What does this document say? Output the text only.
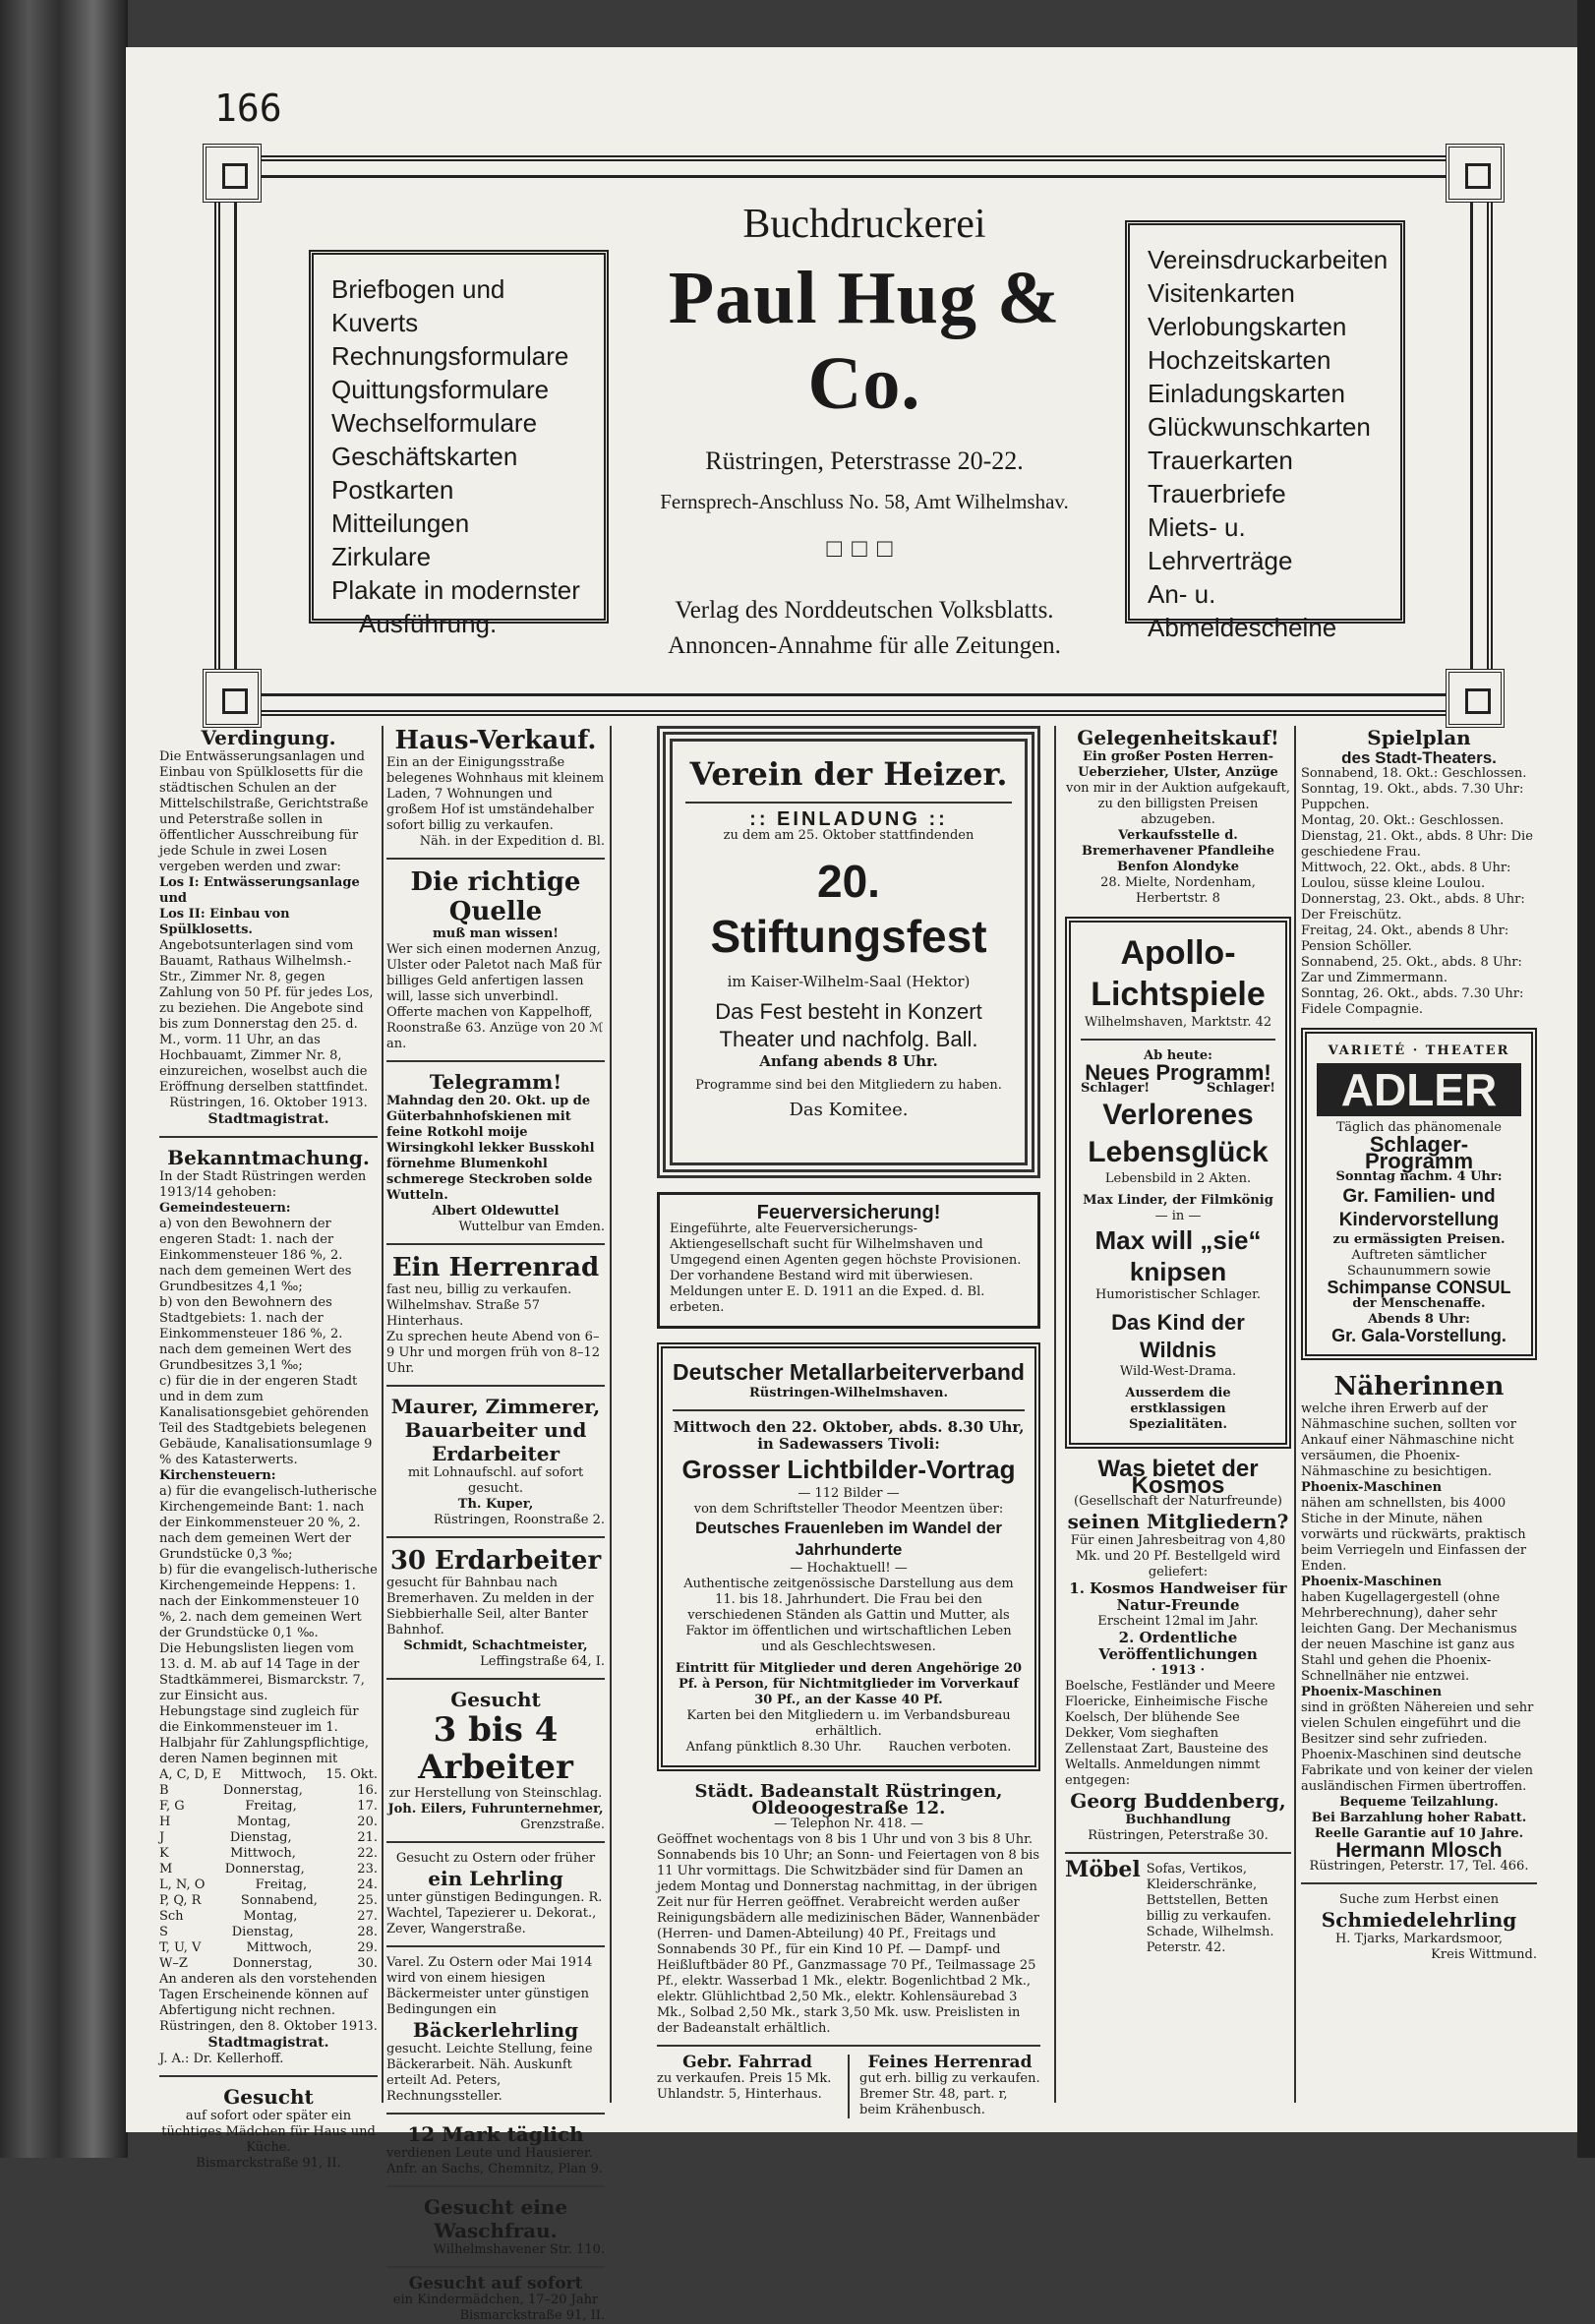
166
Briefbogen und Kuverts
Rechnungsformulare
Quittungsformulare
Wechselformulare
Geschäftskarten
Postkarten
Mitteilungen
Zirkulare
Plakate in modernster
Ausführung.
Buchdruckerei
Paul Hug & Co.
Rüstringen, Peterstrasse 20-22.
Fernsprech-Anschluss No. 58, Amt Wilhelmshav.
□□□
Verlag des Norddeutschen Volksblatts.
Annoncen-Annahme für alle Zeitungen.
Vereinsdruckarbeiten
Visitenkarten
Verlobungskarten
Hochzeitskarten
Einladungskarten
Glückwunschkarten
Trauerkarten
Trauerbriefe
Miets- u. Lehrverträge
An- u. Abmeldescheine
Verdingung.

Die Entwässerungsanlagen und Einbau von Spülklosetts für die städtischen Schulen an der Mittelschilstraße, Gerichtstraße und Peterstraße sollen in öffentlicher Ausschreibung für jede Schule in zwei Losen vergeben werden und zwar:

Los I: Entwässerungsanlage und

Los II: Einbau von Spülklosetts.

Angebotsunterlagen sind vom Bauamt, Rathaus Wilhelmsh.-Str., Zimmer Nr. 8, gegen Zahlung von 50 Pf. für jedes Los, zu beziehen. Die Angebote sind bis zum Donnerstag den 25. d. M., vorm. 11 Uhr, an das Hochbauamt, Zimmer Nr. 8, einzureichen, woselbst auch die Eröffnung derselben stattfindet.

Rüstringen, 16. Oktober 1913.

Stadtmagistrat.

Bekanntmachung.

In der Stadt Rüstringen werden 1913/14 gehoben:

Gemeindesteuern:

a) von den Bewohnern der engeren Stadt: 1. nach der Einkommensteuer 186 %, 2. nach dem gemeinen Wert des Grundbesitzes 4,1 ‰;

b) von den Bewohnern des Stadtgebiets: 1. nach der Einkommensteuer 186 %, 2. nach dem gemeinen Wert des Grundbesitzes 3,1 ‰;

c) für die in der engeren Stadt und in dem zum Kanalisationsgebiet gehörenden Teil des Stadtgebiets belegenen Gebäude, Kanalisationsumlage 9 % des Katasterwerts.

Kirchensteuern:

a) für die evangelisch-lutherische Kirchengemeinde Bant: 1. nach der Einkommensteuer 20 %, 2. nach dem gemeinen Wert der Grundstücke 0,3 ‰;

b) für die evangelisch-lutherische Kirchengemeinde Heppens: 1. nach der Einkommensteuer 10 %, 2. nach dem gemeinen Wert der Grundstücke 0,1 ‰.

Die Hebungslisten liegen vom 13. d. M. ab auf 14 Tage in der Stadtkämmerei, Bismarckstr. 7, zur Einsicht aus.

Hebungstage sind zugleich für die Einkommensteuer im 1. Halbjahr für Zahlungspflichtige, deren Namen beginnen mit

A, C, D, E Mittwoch, 15. Okt.
B	Donnerstag,	16.
F, G	Freitag,	17.
H	Montag,	20.
J	Dienstag,	21.
K	Mittwoch,	22.
M	Donnerstag,	23.
L, N, O	Freitag,	24.
P, Q, R	Sonnabend,	25.
Sch	Montag,	27.
S	Dienstag,	28.
T, U, V	Mittwoch,	29.
W–Z	Donnerstag,	30.

An anderen als den vorstehenden Tagen Erscheinende können auf Abfertigung nicht rechnen.

Rüstringen, den 8. Oktober 1913.

Stadtmagistrat.

J. A.: Dr. Kellerhoff.

Gesucht

auf sofort oder später ein tüchtiges Mädchen für Haus und Küche.

Bismarckstraße 91, II.

Haus-Verkauf.

Ein an der Einigungsstraße belegenes Wohnhaus mit kleinem Laden, 7 Wohnungen und großem Hof ist umständehalber sofort billig zu verkaufen.

Näh. in der Expedition d. Bl.

Die richtige Quelle

muß man wissen!

Wer sich einen modernen Anzug, Ulster oder Paletot nach Maß für billiges Geld anfertigen lassen will, lasse sich unverbindl. Offerte machen von Kappelhoff, Roonstraße 63. Anzüge von 20 ℳ an.

Telegramm!

Mahndag den 20. Okt. up de Güterbahnhofskienen mit feine Rotkohl moije Wirsingkohl lekker Busskohl förnehme Blumenkohl schmerege Steckroben solde Wutteln.

Albert Oldewuttel

Wuttelbur van Emden.

Ein Herrenrad

fast neu, billig zu verkaufen. Wilhelmshav. Straße 57 Hinterhaus.

Zu sprechen heute Abend von 6–9 Uhr und morgen früh von 8–12 Uhr.

Maurer, Zimmerer, Bauarbeiter und Erdarbeiter

mit Lohnaufschl. auf sofort gesucht.

Th. Kuper,

Rüstringen, Roonstraße 2.

30 Erdarbeiter

gesucht für Bahnbau nach Bremerhaven. Zu melden in der Siebbierhalle Seil, alter Banter Bahnhof.

Schmidt, Schachtmeister,

Leffingstraße 64, I.

Gesucht
3 bis 4 Arbeiter

zur Herstellung von Steinschlag.

Joh. Eilers, Fuhrunternehmer,

Grenzstraße.

Gesucht zu Ostern oder früher

ein Lehrling

unter günstigen Bedingungen. R. Wachtel, Tapezierer u. Dekorat., Zever, Wangerstraße.

Varel. Zu Ostern oder Mai 1914 wird von einem hiesigen Bäckermeister unter günstigen Bedingungen ein

Bäckerlehrling

gesucht. Leichte Stellung, feine Bäckerarbeit. Näh. Auskunft erteilt Ad. Peters, Rechnungssteller.

12 Mark täglich

verdienen Leute und Hausierer. Anfr. an Sachs, Chemnitz, Plan 9.

Gesucht eine Waschfrau.

Wilhelmshavener Str. 110.

Gesucht auf sofort

ein Kindermädchen, 17–20 Jahr

Bismarckstraße 91, II.

Verein der Heizer.
:: EINLADUNG ::

zu dem am 25. Oktober stattfindenden

20. Stiftungsfest

im Kaiser-Wilhelm-Saal (Hektor)

Das Fest besteht in Konzert Theater und nachfolg. Ball.

Anfang abends 8 Uhr.

Programme sind bei den Mitgliedern zu haben.

Das Komitee.

Feuerversicherung!

Eingeführte, alte Feuerversicherungs-Aktiengesellschaft sucht für Wilhelmshaven und Umgegend einen Agenten gegen höchste Provisionen. Der vorhandene Bestand wird mit überwiesen. Meldungen unter E. D. 1911 an die Exped. d. Bl. erbeten.

Deutscher Metallarbeiterverband

Rüstringen-Wilhelmshaven.

Mittwoch den 22. Oktober, abds. 8.30 Uhr, in Sadewassers Tivoli:

Grosser Lichtbilder-Vortrag

— 112 Bilder —

von dem Schriftsteller Theodor Meentzen über:

Deutsches Frauenleben im Wandel der Jahrhunderte

— Hochaktuell! —

Authentische zeitgenössische Darstellung aus dem 11. bis 18. Jahrhundert. Die Frau bei den verschiedenen Ständen als Gattin und Mutter, als Faktor im öffentlichen und wirtschaftlichen Leben und als Geschlechtswesen.

Eintritt für Mitglieder und deren Angehörige 20 Pf. à Person, für Nichtmitglieder im Vorverkauf 30 Pf., an der Kasse 40 Pf.

Karten bei den Mitgliedern u. im Verbandsbureau erhältlich.

Anfang pünktlich 8.30 Uhr. Rauchen verboten.
Städt. Badeanstalt Rüstringen, Oldeoogestraße 12.

— Telephon Nr. 418. —

Geöffnet wochentags von 8 bis 1 Uhr und von 3 bis 8 Uhr. Sonnabends bis 10 Uhr; an Sonn- und Feiertagen von 8 bis 11 Uhr vormittags. Die Schwitzbäder sind für Damen an jedem Montag und Donnerstag nachmittag, in der übrigen Zeit nur für Herren geöffnet. Verabreicht werden außer Reinigungsbädern alle medizinischen Bäder, Wannenbäder (Herren- und Damen-Abteilung) 40 Pf., Freitags und Sonnabends 30 Pf., für ein Kind 10 Pf. — Dampf- und Heißluftbäder 80 Pf., Ganzmassage 70 Pf., Teilmassage 25 Pf., elektr. Wasserbad 1 Mk., elektr. Bogenlichtbad 2 Mk., elektr. Glühlichtbad 2,50 Mk., elektr. Kohlensäurebad 3 Mk., Solbad 2,50 Mk., stark 3,50 Mk. usw. Preislisten in der Badeanstalt erhältlich.

Gebr. Fahrrad

zu verkaufen. Preis 15 Mk. Uhlandstr. 5, Hinterhaus.

Feines Herrenrad

gut erh. billig zu verkaufen. Bremer Str. 48, part. r, beim Krähenbusch.

Gelegenheitskauf!

Ein großer Posten Herren-Ueberzieher, Ulster, Anzüge

von mir in der Auktion aufgekauft, zu den billigsten Preisen abzugeben.

Verkaufsstelle d. Bremerhavener Pfandleihe Benfon Alondyke

28. Mielte, Nordenham, Herbertstr. 8

Apollo-Lichtspiele

Wilhelmshaven, Marktstr. 42

Ab heute:

Neues Programm!
Schlager!	Schlager!
Verlorenes Lebensglück

Lebensbild in 2 Akten.

Max Linder, der Filmkönig

— in —

Max will „sie“ knipsen

Humoristischer Schlager.

Das Kind der Wildnis

Wild-West-Drama.

Ausserdem die erstklassigen Spezialitäten.

Was bietet der Kosmos

(Gesellschaft der Naturfreunde)

seinen Mitgliedern?

Für einen Jahresbeitrag von 4,80 Mk. und 20 Pf. Bestellgeld wird geliefert:

1. Kosmos Handweiser für Natur-Freunde

Erscheint 12mal im Jahr.

2. Ordentliche Veröffentlichungen

· 1913 ·

Boelsche, Festländer und Meere Floericke, Einheimische Fische Koelsch, Der blühende See Dekker, Vom sieghaften Zellenstaat Zart, Bausteine des Weltalls. Anmeldungen nimmt entgegen:

Georg Buddenberg,

Buchhandlung

Rüstringen, Peterstraße 30.

Möbel Sofas, Vertikos, Kleiderschränke, Bettstellen, Betten billig zu verkaufen. Schade, Wilhelmsh. Peterstr. 42.

Spielplan
des Stadt-Theaters.

Sonnabend, 18. Okt.: Geschlossen.

Sonntag, 19. Okt., abds. 7.30 Uhr: Puppchen.

Montag, 20. Okt.: Geschlossen.

Dienstag, 21. Okt., abds. 8 Uhr: Die geschiedene Frau.

Mittwoch, 22. Okt., abds. 8 Uhr: Loulou, süsse kleine Loulou.

Donnerstag, 23. Okt., abds. 8 Uhr: Der Freischütz.

Freitag, 24. Okt., abends 8 Uhr: Pension Schöller.

Sonnabend, 25. Okt., abds. 8 Uhr: Zar und Zimmermann.

Sonntag, 26. Okt., abds. 7.30 Uhr: Fidele Compagnie.

VARIETÉ · THEATER

ADLER

Täglich das phänomenale

Schlager-Programm

Sonntag nachm. 4 Uhr:

Gr. Familien- und Kindervorstellung

zu ermässigten Preisen.

Auftreten sämtlicher Schaunummern sowie

Schimpanse CONSUL

der Menschenaffe.

Abends 8 Uhr:

Gr. Gala-Vorstellung.
Näherinnen

welche ihren Erwerb auf der Nähmaschine suchen, sollten vor Ankauf einer Nähmaschine nicht versäumen, die Phoenix-Nähmaschine zu besichtigen.

Phoenix-Maschinen

nähen am schnellsten, bis 4000 Stiche in der Minute, nähen vorwärts und rückwärts, praktisch beim Verriegeln und Einfassen der Enden.

Phoenix-Maschinen

haben Kugellagergestell (ohne Mehrberechnung), daher sehr leichten Gang. Der Mechanismus der neuen Maschine ist ganz aus Stahl und gehen die Phoenix-Schnellnäher nie entzwei.

Phoenix-Maschinen

sind in größten Nähereien und sehr vielen Schulen eingeführt und die Besitzer sind sehr zufrieden. Phoenix-Maschinen sind deutsche Fabrikate und von keiner der vielen ausländischen Firmen übertroffen.

Bequeme Teilzahlung.

Bei Barzahlung hoher Rabatt.

Reelle Garantie auf 10 Jahre.

Hermann Mlosch

Rüstringen, Peterstr. 17, Tel. 466.

Suche zum Herbst einen

Schmiedelehrling

H. Tjarks, Markardsmoor,

Kreis Wittmund.
